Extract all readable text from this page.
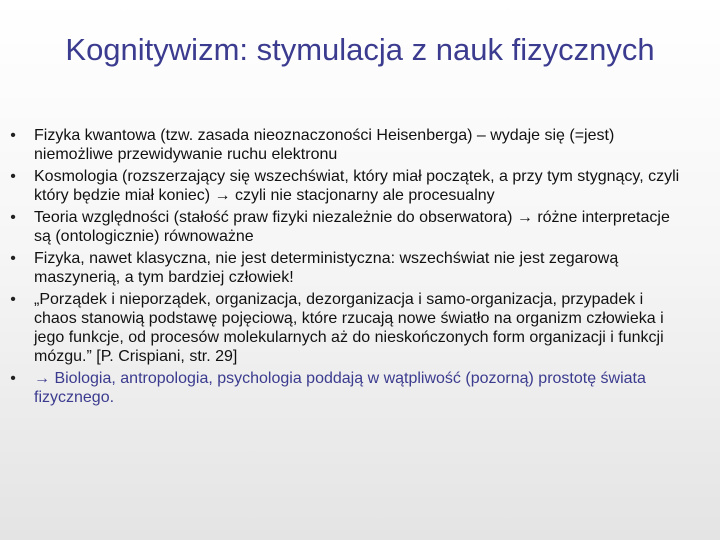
Kognitywizm: stymulacja z nauk fizycznych
• Fizyka kwantowa (tzw. zasada nieoznaczoności Heisenberga) – wydaje się (=jest) niemożliwe przewidywanie ruchu elektronu
• Kosmologia (rozszerzający się wszechświat, który miał początek, a przy tym stygnący, czyli który będzie miał koniec) → czyli nie stacjonarny ale procesualny
• Teoria względności (stałość praw fizyki niezależnie do obserwatora) → różne interpretacje są (ontologicznie) równoważne
• Fizyka, nawet klasyczna, nie jest deterministyczna: wszechświat nie jest zegarową maszynerią, a tym bardziej człowiek!
• „Porządek i nieporządek, organizacja, dezorganizacja i samo-organizacja, przypadek i chaos stanowią podstawę pojęciową, które rzucają nowe światło na organizm człowieka i jego funkcje, od procesów molekularnych aż do nieskończonych form organizacji i funkcji mózgu.” [P. Crispiani, str. 29]
• → Biologia, antropologia, psychologia poddają w wątpliwość (pozorną) prostotę świata fizycznego.
